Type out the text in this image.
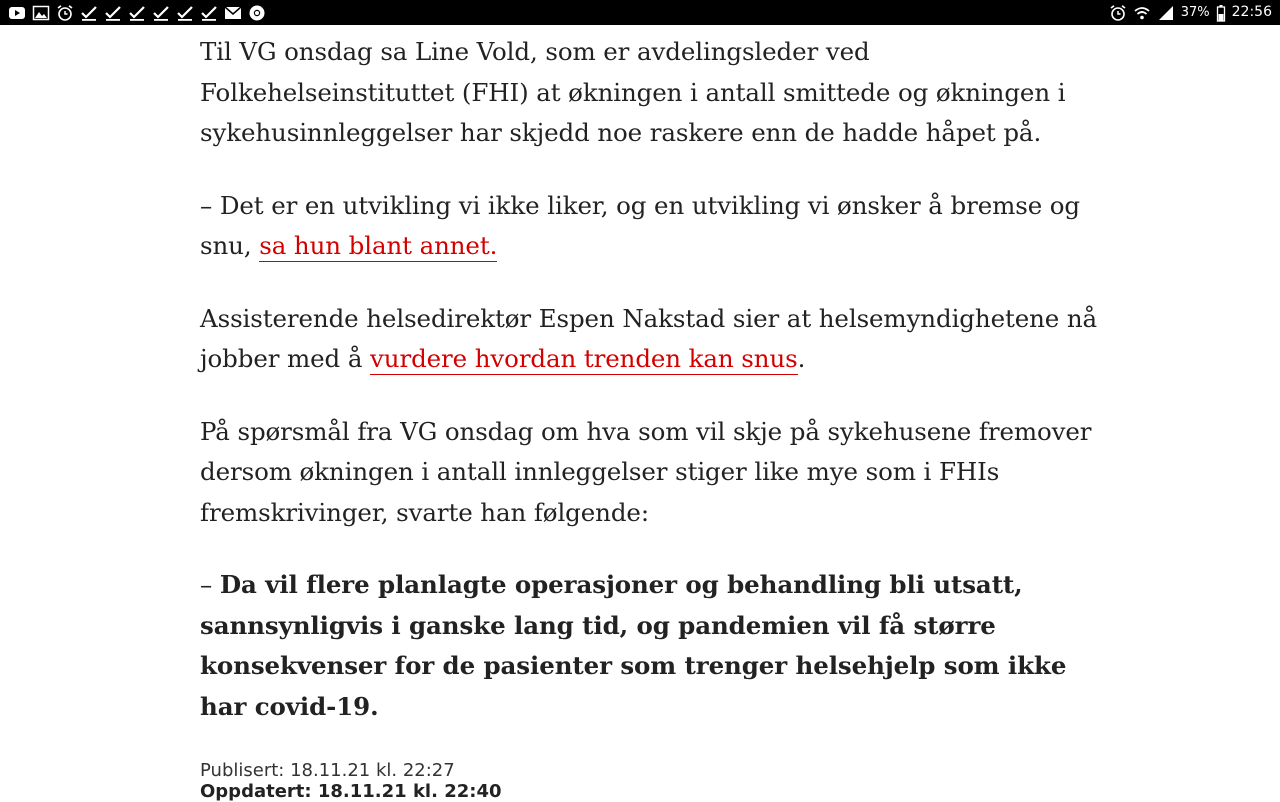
37% 22:56

Til VG onsdag sa Line Vold, som er avdelingsleder ved Folkehelseinstituttet (FHI) at økningen i antall smittede og økningen i sykehusinnleggelser har skjedd noe raskere enn de hadde håpet på.

– Det er en utvikling vi ikke liker, og en utvikling vi ønsker å bremse og snu, sa hun blant annet.

Assisterende helsedirektør Espen Nakstad sier at helsemyndighetene nå jobber med å vurdere hvordan trenden kan snus.

På spørsmål fra VG onsdag om hva som vil skje på sykehusene fremover dersom økningen i antall innleggelser stiger like mye som i FHIs fremskrivinger, svarte han følgende:

– Da vil flere planlagte operasjoner og behandling bli utsatt, sannsynligvis i ganske lang tid, og pandemien vil få større konsekvenser for de pasienter som trenger helsehjelp som ikke har covid-19.

Publisert: 18.11.21 kl. 22:27
Oppdatert: 18.11.21 kl. 22:40
